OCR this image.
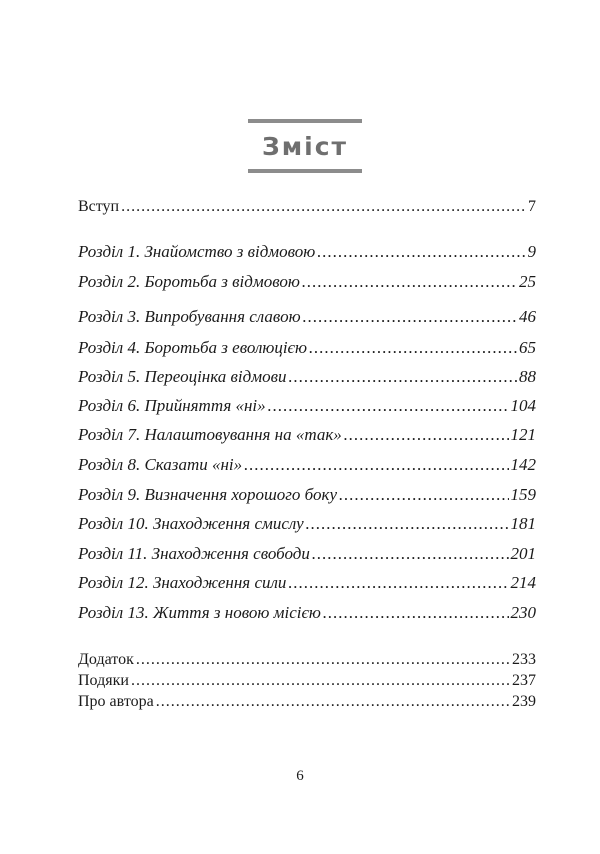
Зміст
Вступ .....	7
Розділ 1. Знайомство з відмовою .....	9
Розділ 2. Боротьба з відмовою .....	25
Розділ 3. Випробування славою .....	46
Розділ 4. Боротьба з еволюцією .....	65
Розділ 5. Переоцінка відмови .....	88
Розділ 6. Прийняття «ні» .....	104
Розділ 7. Налаштовування на «так» .....	121
Розділ 8. Сказати «ні» .....	142
Розділ 9. Визначення хорошого боку .....	159
Розділ 10. Знаходження смислу .....	181
Розділ 11. Знаходження свободи .....	201
Розділ 12. Знаходження сили .....	214
Розділ 13. Життя з новою місією .....	230
Додаток .....	233
Подяки .....	237
Про автора .....	239
6
